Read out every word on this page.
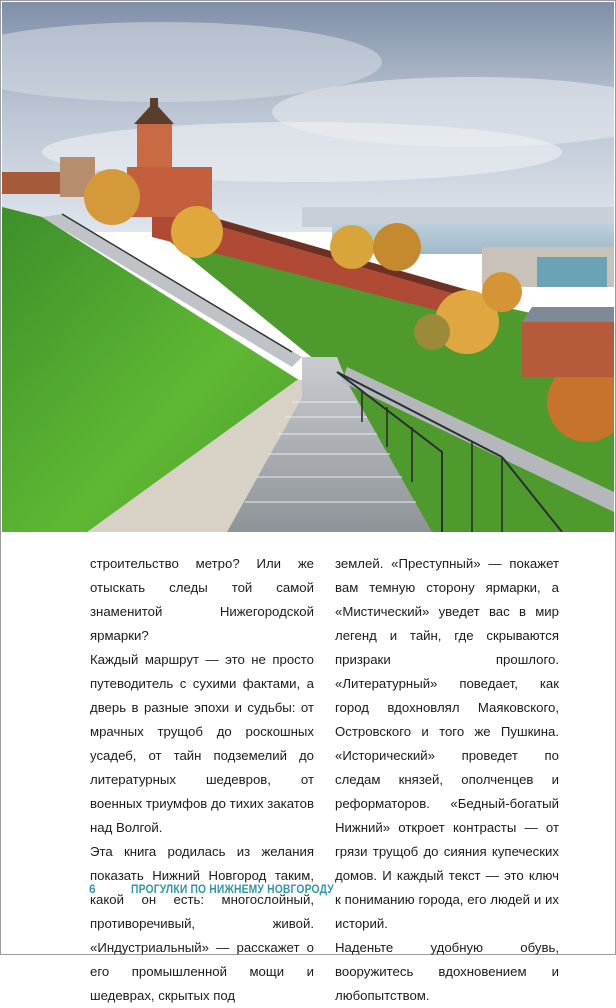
строительство метро? Или же отыскать следы той самой знаменитой Нижегородской ярмарки?

Каждый маршрут — это не просто путеводитель с сухими фактами, а дверь в разные эпохи и судьбы: от мрачных трущоб до роскошных усадеб, от тайн подземелий до литературных шедевров, от военных триумфов до тихих закатов над Волгой.

Эта книга родилась из желания показать Нижний Новгород таким, какой он есть: многослойный, противоречивый, живой. «Индустриальный» — расскажет о его промышленной мощи и шедеврах, скрытых под

землей. «Преступный» — покажет вам темную сторону ярмарки, а «Мистический» уведет вас в мир легенд и тайн, где скрываются призраки прошлого. «Литературный» поведает, как город вдохновлял Маяковского, Островского и того же Пушкина. «Исторический» проведет по следам князей, ополченцев и реформаторов. «Бедный-богатый Нижний» откроет контрасты — от грязи трущоб до сияния купеческих домов. И каждый текст — это ключ к пониманию города, его людей и их историй.

Наденьте удобную обувь, вооружитесь вдохновением и любопытством.

6	ПРОГУЛКИ ПО НИЖНЕМУ НОВГОРОДУ
